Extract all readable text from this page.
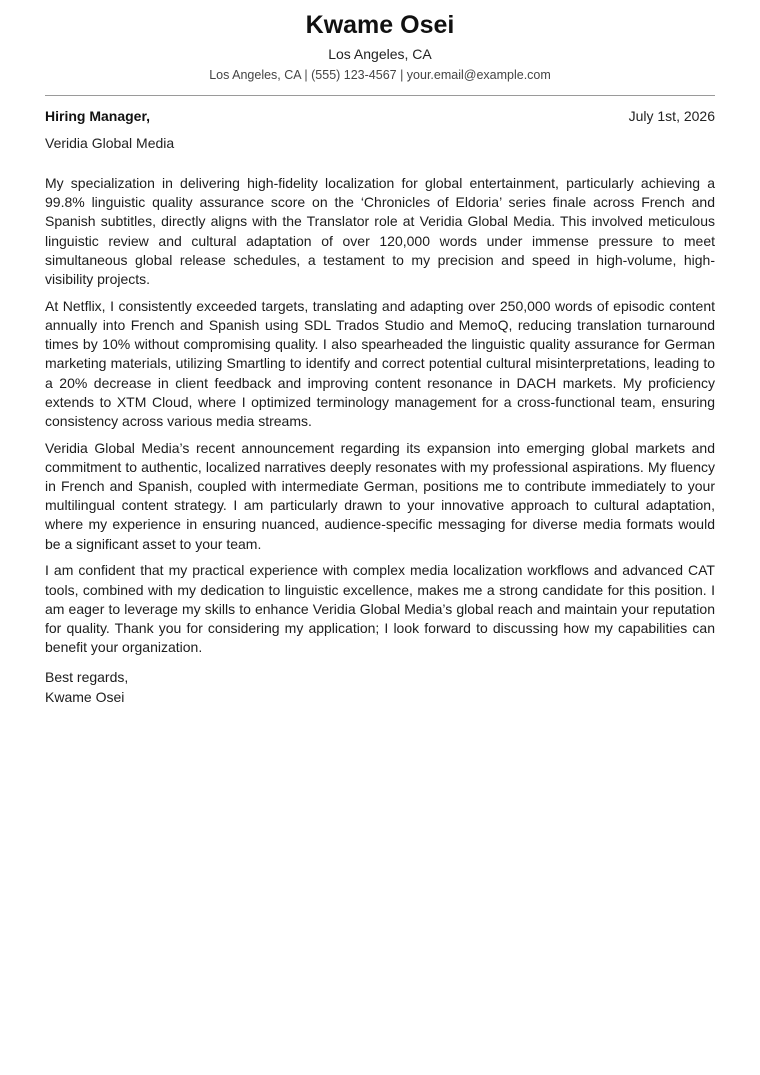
Kwame Osei
Los Angeles, CA
Los Angeles, CA | (555) 123-4567 | your.email@example.com
Hiring Manager,	July 1st, 2026
Veridia Global Media

My specialization in delivering high-fidelity localization for global entertainment, particularly achieving a 99.8% linguistic quality assurance score on the ‘Chronicles of Eldoria’ series finale across French and Spanish subtitles, directly aligns with the Translator role at Veridia Global Media. This involved meticulous linguistic review and cultural adaptation of over 120,000 words under immense pressure to meet simultaneous global release schedules, a testament to my precision and speed in high-volume, high-visibility projects.

At Netflix, I consistently exceeded targets, translating and adapting over 250,000 words of episodic content annually into French and Spanish using SDL Trados Studio and MemoQ, reducing translation turnaround times by 10% without compromising quality. I also spearheaded the linguistic quality assurance for German marketing materials, utilizing Smartling to identify and correct potential cultural misinterpretations, leading to a 20% decrease in client feedback and improving content resonance in DACH markets. My proficiency extends to XTM Cloud, where I optimized terminology management for a cross-functional team, ensuring consistency across various media streams.

Veridia Global Media’s recent announcement regarding its expansion into emerging global markets and commitment to authentic, localized narratives deeply resonates with my professional aspirations. My fluency in French and Spanish, coupled with intermediate German, positions me to contribute immediately to your multilingual content strategy. I am particularly drawn to your innovative approach to cultural adaptation, where my experience in ensuring nuanced, audience-specific messaging for diverse media formats would be a significant asset to your team.

I am confident that my practical experience with complex media localization workflows and advanced CAT tools, combined with my dedication to linguistic excellence, makes me a strong candidate for this position. I am eager to leverage my skills to enhance Veridia Global Media’s global reach and maintain your reputation for quality. Thank you for considering my application; I look forward to discussing how my capabilities can benefit your organization.

Best regards,
Kwame Osei
